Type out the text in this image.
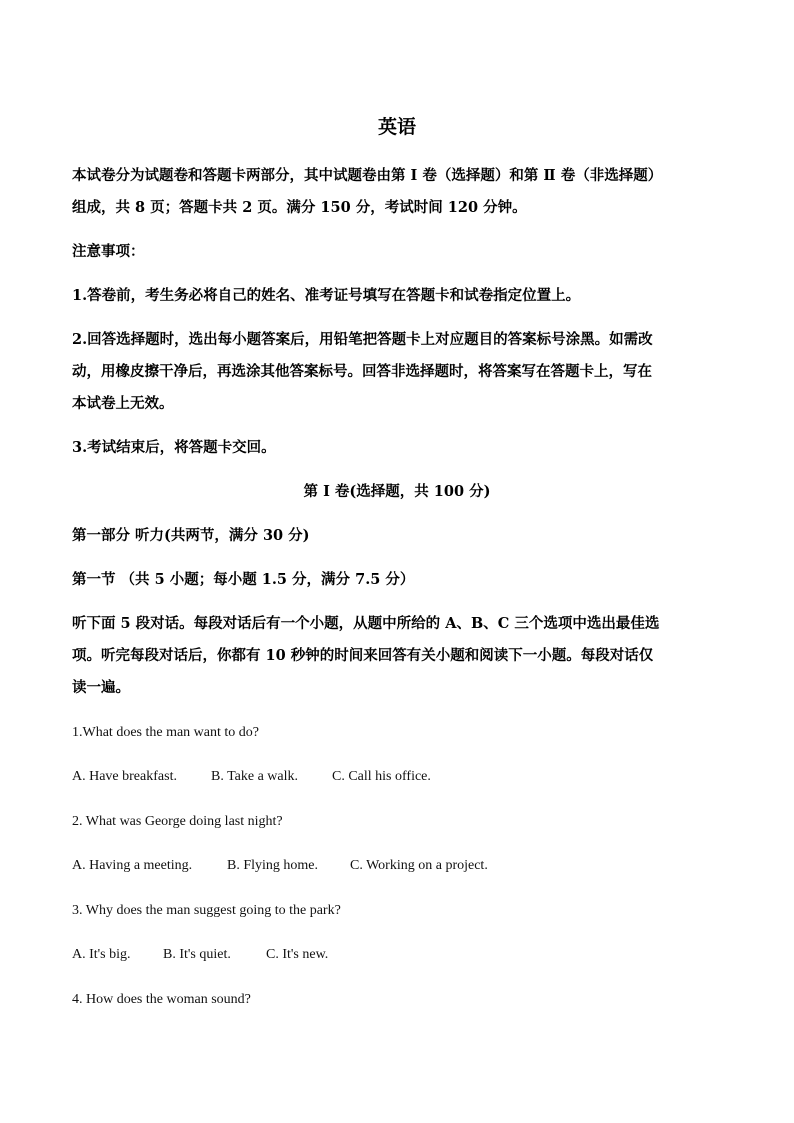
英语
本试卷分为试题卷和答题卡两部分，其中试题卷由第 I 卷（选择题）和第 Ⅱ 卷（非选择题）
组成，共 8 页；答题卡共 2 页。满分 150 分，考试时间 120 分钟。
注意事项：
1.答卷前，考生务必将自己的姓名、准考证号填写在答题卡和试卷指定位置上。
2.回答选择题时，选出每小题答案后，用铅笔把答题卡上对应题目的答案标号涂黑。如需改
动，用橡皮擦干净后，再选涂其他答案标号。回答非选择题时，将答案写在答题卡上，写在
本试卷上无效。
3.考试结束后，将答题卡交回。
第 I 卷(选择题，共 100 分)
第一部分 听力(共两节，满分 30 分)
第一节 （共 5 小题；每小题 1.5 分，满分 7.5 分）
听下面 5 段对话。每段对话后有一个小题，从题中所给的 A、B、C 三个选项中选出最佳选
项。听完每段对话后，你都有 10 秒钟的时间来回答有关小题和阅读下一小题。每段对话仅
读一遍。
1.What does the man want to do?
A. Have breakfast. B. Take a walk. C. Call his office.
2. What was George doing last night?
A. Having a meeting. B. Flying home. C. Working on a project.
3. Why does the man suggest going to the park?
A. It's big. B. It's quiet.	C. It's new.
4. How does the woman sound?
